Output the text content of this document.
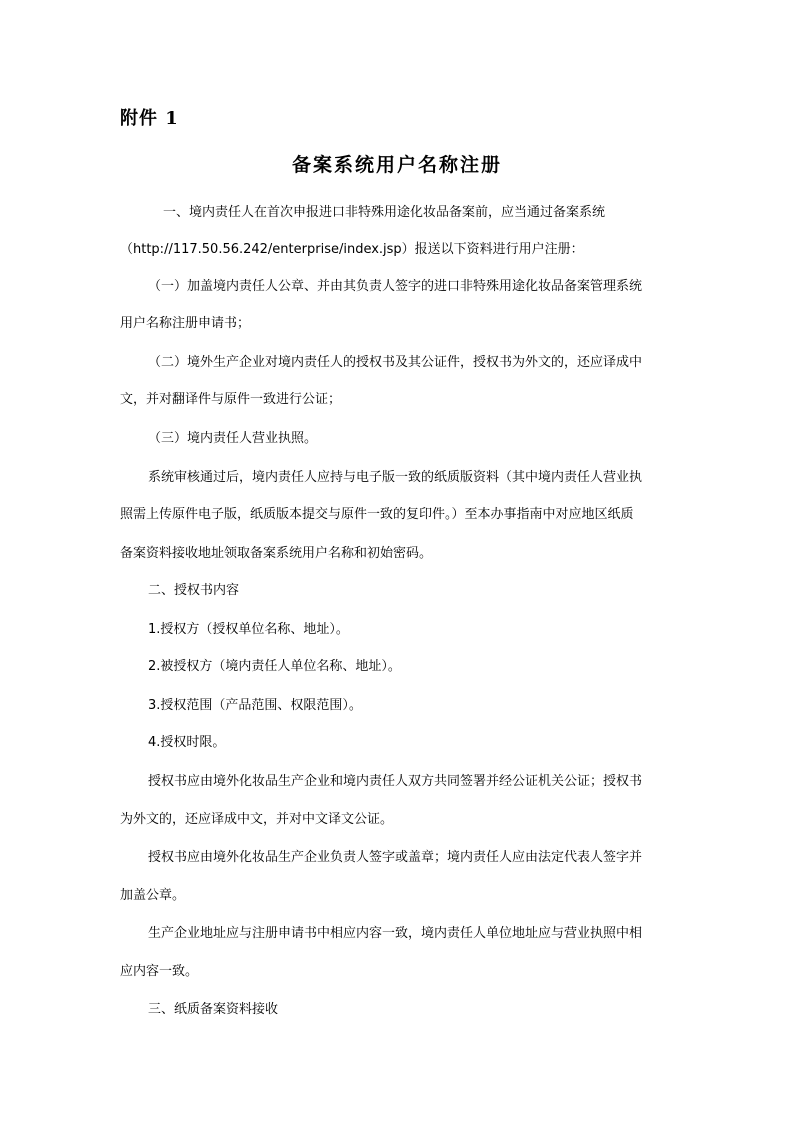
附件 1
备案系统用户名称注册
一、境内责任人在首次申报进口非特殊用途化妆品备案前，应当通过备案系统
（http://117.50.56.242/enterprise/index.jsp）报送以下资料进行用户注册：
（一）加盖境内责任人公章、并由其负责人签字的进口非特殊用途化妆品备案管理系统
用户名称注册申请书；
（二）境外生产企业对境内责任人的授权书及其公证件，授权书为外文的，还应译成中
文，并对翻译件与原件一致进行公证；
（三）境内责任人营业执照。
系统审核通过后，境内责任人应持与电子版一致的纸质版资料（其中境内责任人营业执
照需上传原件电子版，纸质版本提交与原件一致的复印件。）至本办事指南中对应地区纸质
备案资料接收地址领取备案系统用户名称和初始密码。
二、授权书内容
1.授权方（授权单位名称、地址）。
2.被授权方（境内责任人单位名称、地址）。
3.授权范围（产品范围、权限范围）。
4.授权时限。
授权书应由境外化妆品生产企业和境内责任人双方共同签署并经公证机关公证；授权书
为外文的，还应译成中文，并对中文译文公证。
授权书应由境外化妆品生产企业负责人签字或盖章；境内责任人应由法定代表人签字并
加盖公章。
生产企业地址应与注册申请书中相应内容一致，境内责任人单位地址应与营业执照中相
应内容一致。
三、纸质备案资料接收
